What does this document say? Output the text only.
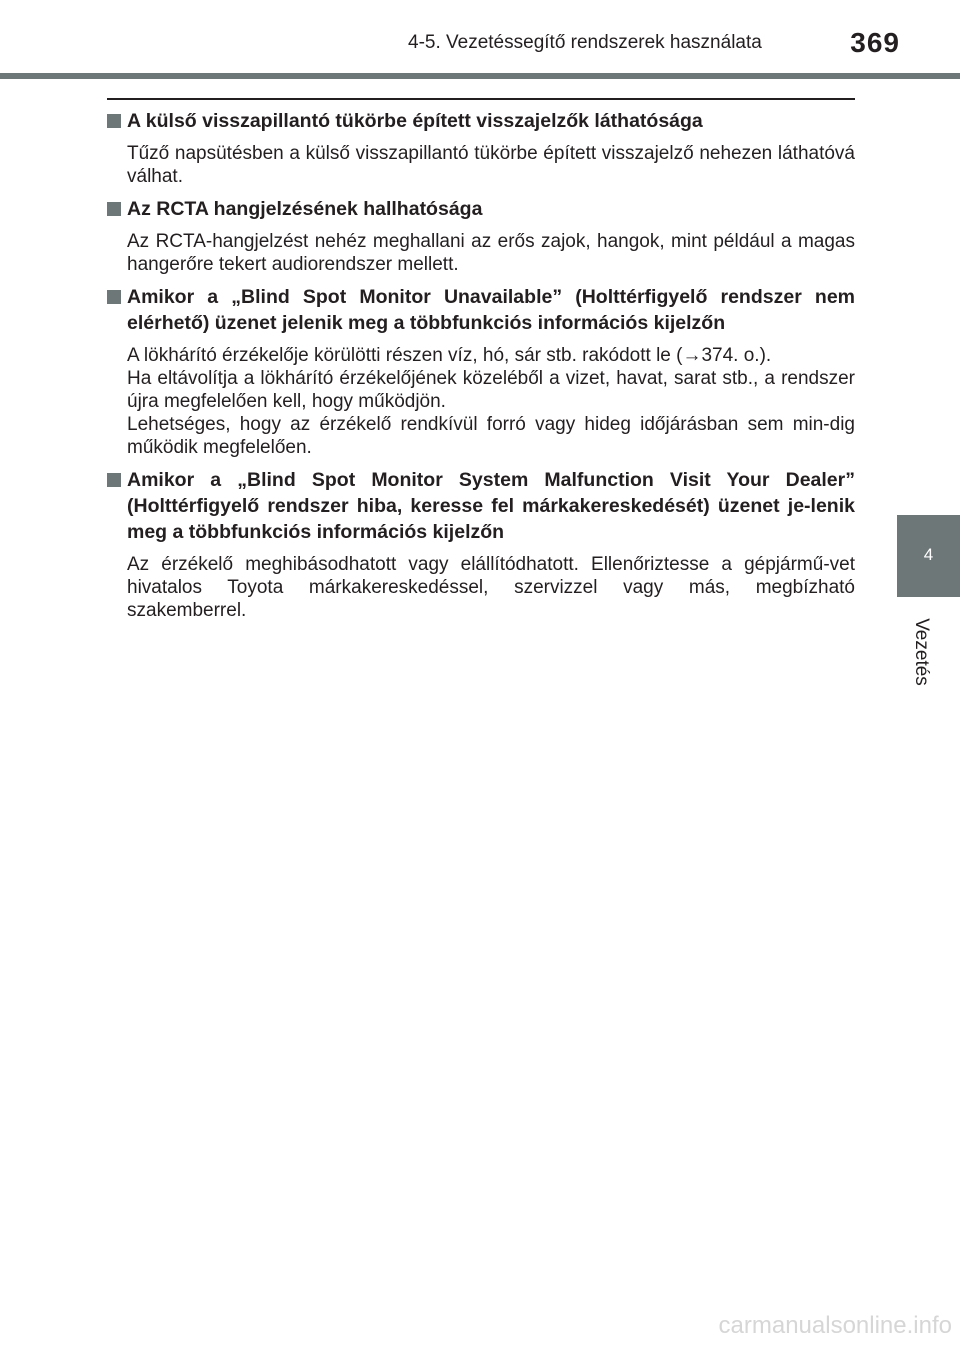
4-5. Vezetéssegítő rendszerek használata	369
4
Vezetés
A külső visszapillantó tükörbe épített visszajelzők láthatósága
Tűző napsütésben a külső visszapillantó tükörbe épített visszajelző nehezen láthatóvá válhat.
Az RCTA hangjelzésének hallhatósága
Az RCTA-hangjelzést nehéz meghallani az erős zajok, hangok, mint például a magas hangerőre tekert audiorendszer mellett.
Amikor a „Blind Spot Monitor Unavailable” (Holttérfigyelő rendszer nem elérhető) üzenet jelenik meg a többfunkciós információs kijelzőn
A lökhárító érzékelője körülötti részen víz, hó, sár stb. rakódott le (→374. o.).
Ha eltávolítja a lökhárító érzékelőjének közeléből a vizet, havat, sarat stb., a rendszer újra megfelelően kell, hogy működjön.
Lehetséges, hogy az érzékelő rendkívül forró vagy hideg időjárásban sem min-dig működik megfelelően.
Amikor a „Blind Spot Monitor System Malfunction Visit Your Dealer” (Holttérfigyelő rendszer hiba, keresse fel márkakereskedését) üzenet je-lenik meg a többfunkciós információs kijelzőn
Az érzékelő meghibásodhatott vagy elállítódhatott. Ellenőriztesse a gépjármű-vet hivatalos Toyota márkakereskedéssel, szervizzel vagy más, megbízható szakemberrel.
carmanualsonline.info
